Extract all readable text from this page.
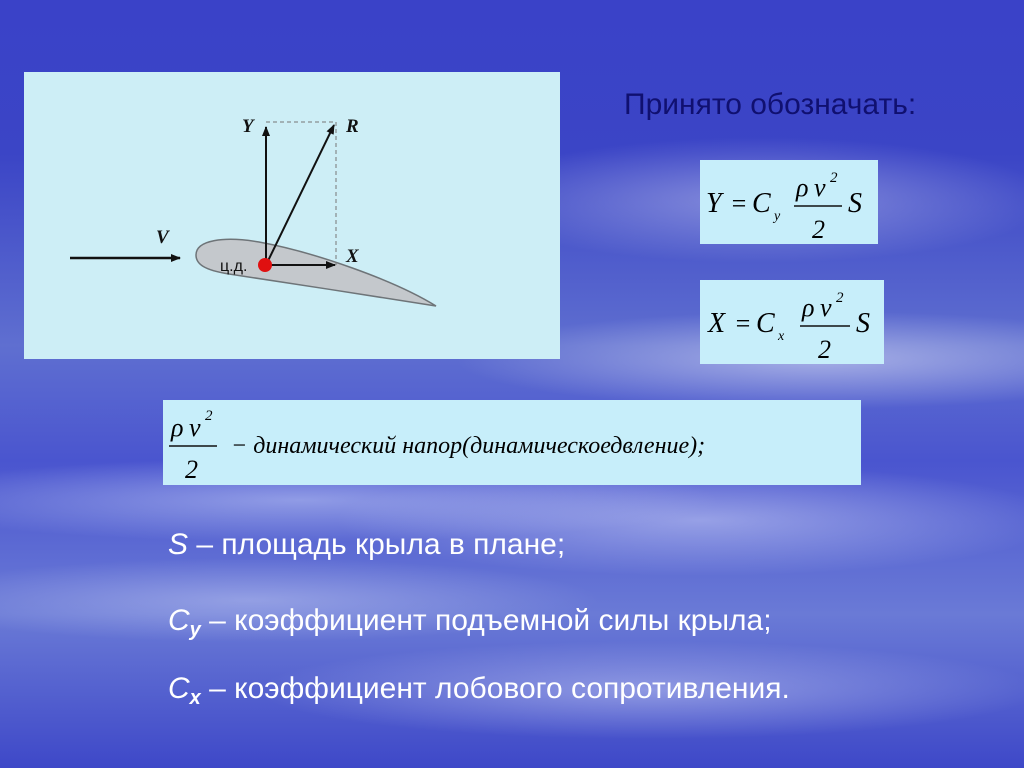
ц.д.
Y	R
V
X
Принято обозначать:
Y = C y
ρ v 2
2
S
X = C x
ρ v 2
2
S
ρ v 2
2
− динамический напор(динамическоедвление);
S – площадь крыла в плане;
$C_y$ – коэффициент подъемной силы крыла;
$C_x$ – коэффициент лобового сопротивления.
